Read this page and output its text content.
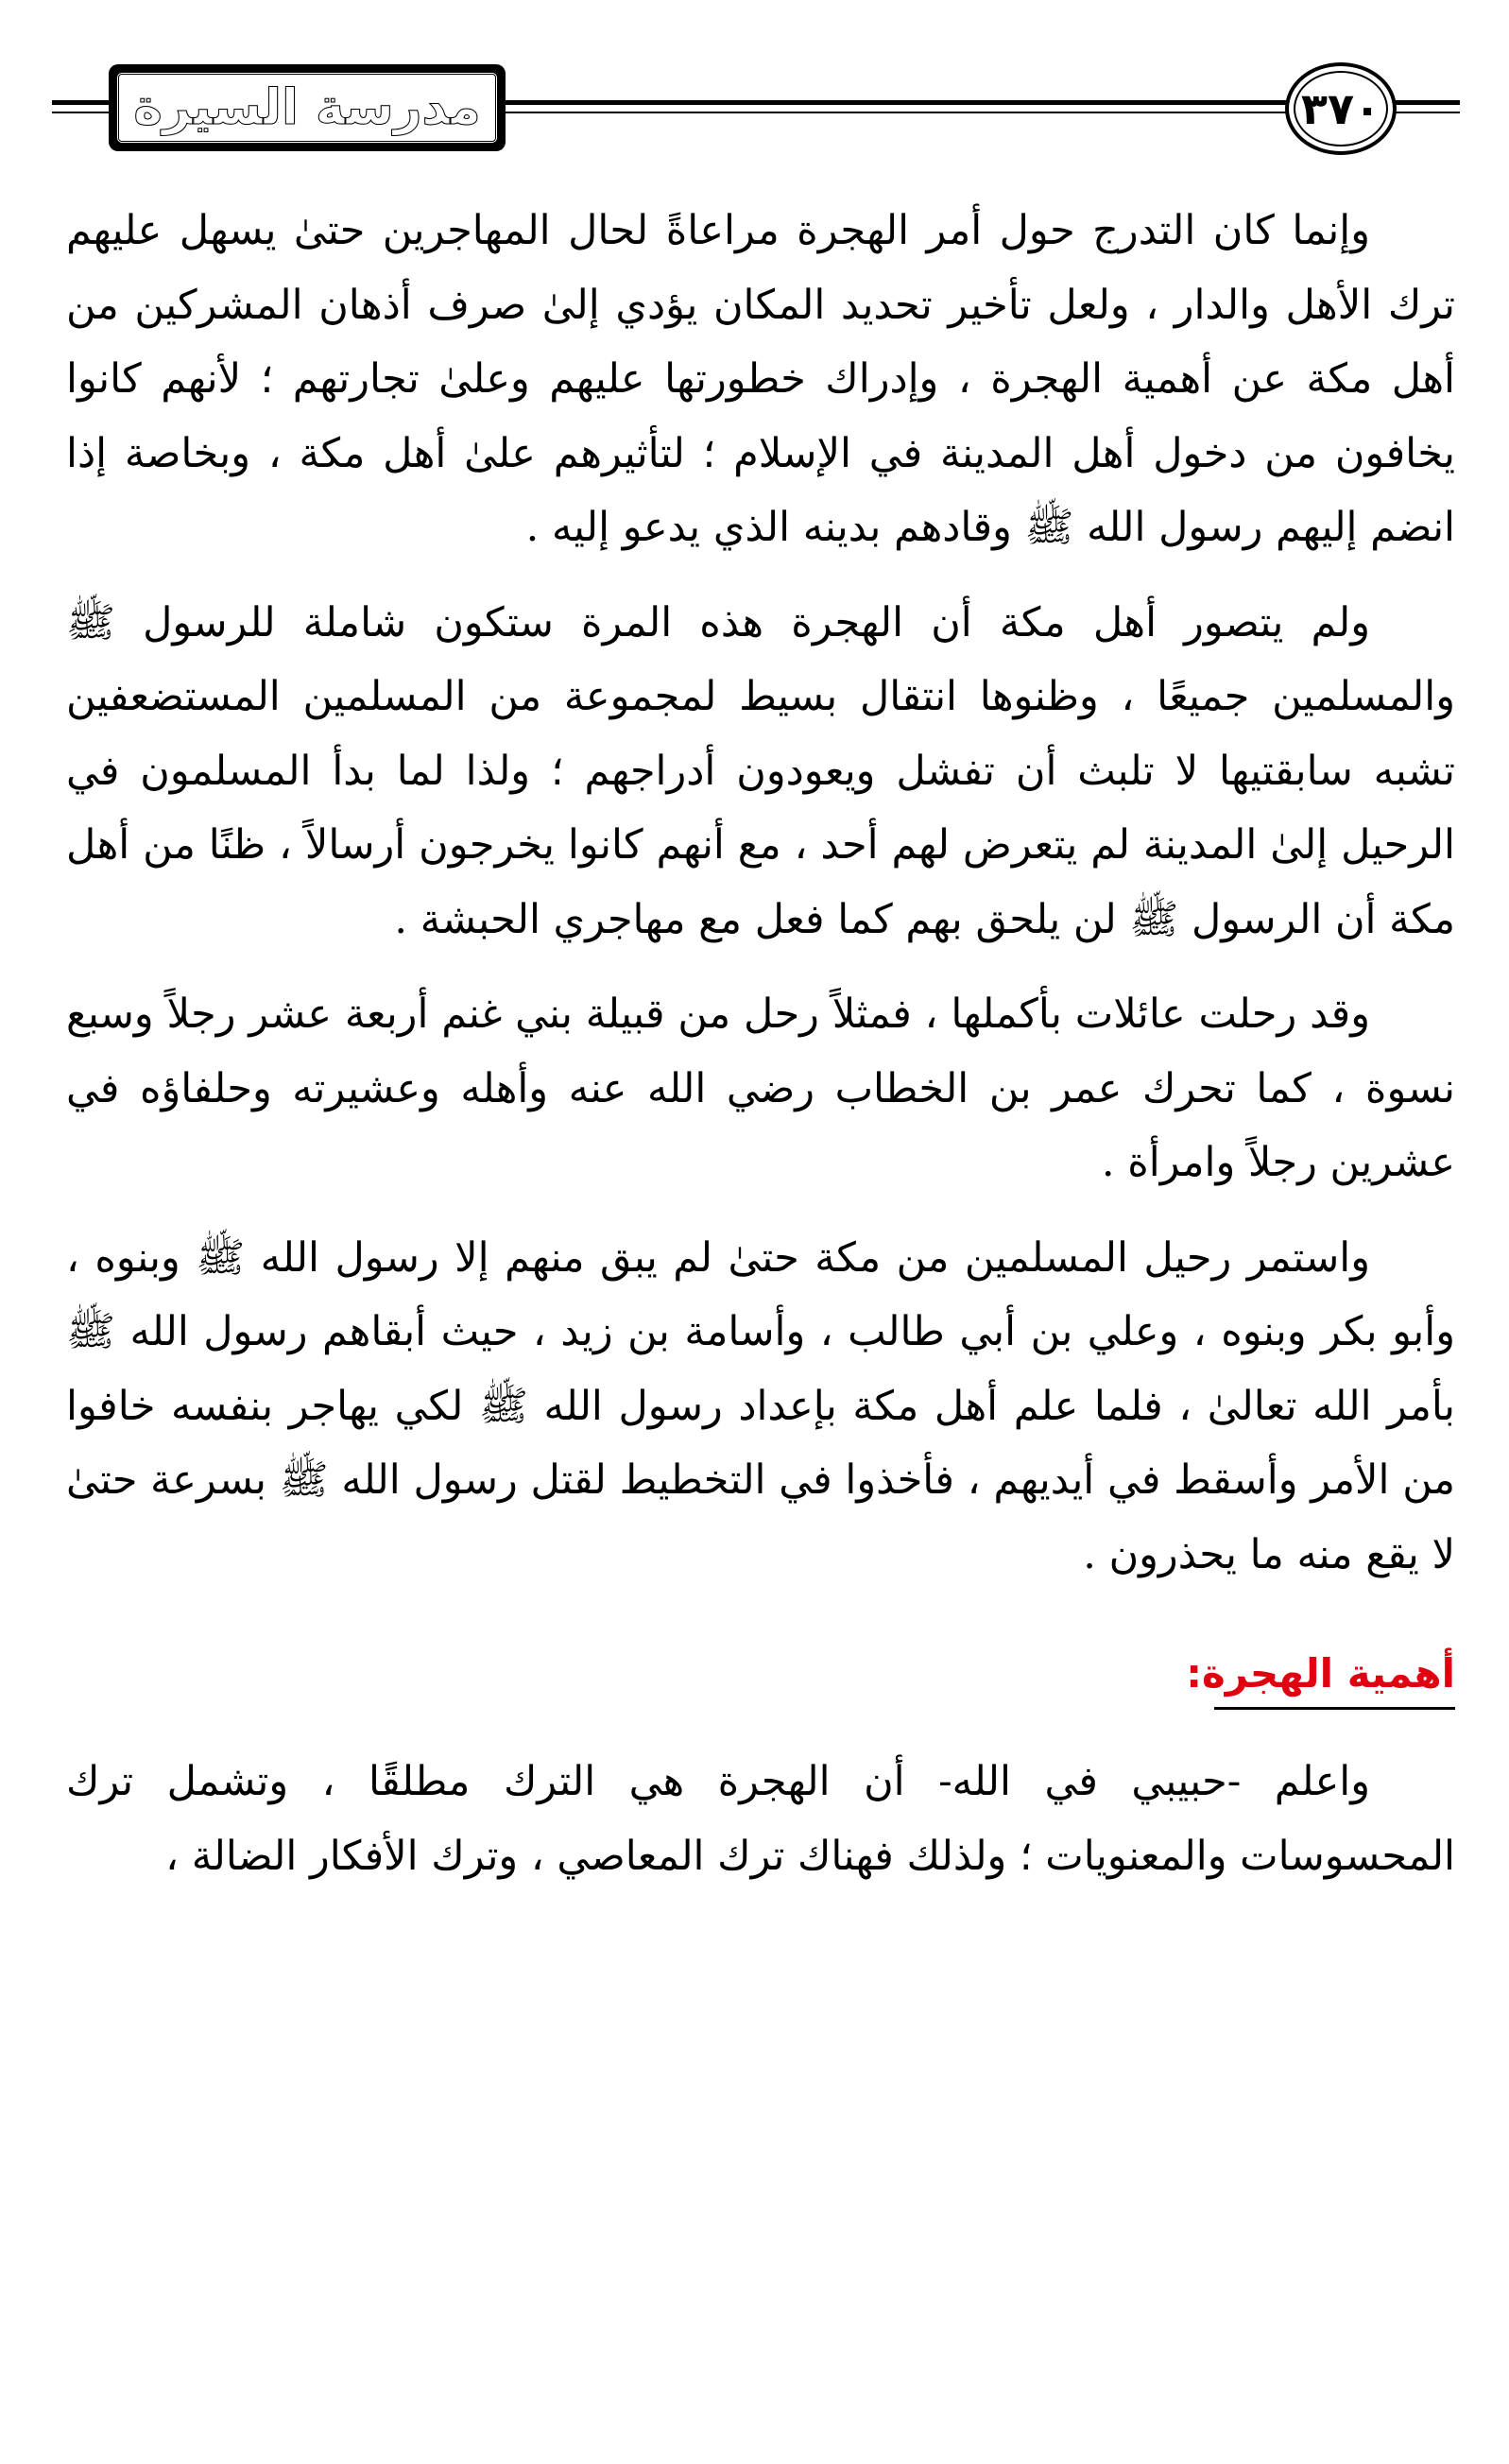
مدرسة السيرة	٣٧٠

وإنما كان التدرج حول أمر الهجرة مراعاةً لحال المهاجرين حتىٰ يسهل عليهم ترك الأهل والدار ، ولعل تأخير تحديد المكان يؤدي إلىٰ صرف أذهان المشركين من أهل مكة عن أهمية الهجرة ، وإدراك خطورتها عليهم وعلىٰ تجارتهم ؛ لأنهم كانوا يخافون من دخول أهل المدينة في الإسلام ؛ لتأثيرهم علىٰ أهل مكة ، وبخاصة إذا انضم إليهم رسول الله ﷺ وقادهم بدينه الذي يدعو إليه .

ولم يتصور أهل مكة أن الهجرة هذه المرة ستكون شاملة للرسول ﷺ والمسلمين جميعًا ، وظنوها انتقال بسيط لمجموعة من المسلمين المستضعفين تشبه سابقتيها لا تلبث أن تفشل ويعودون أدراجهم ؛ ولذا لما بدأ المسلمون في الرحيل إلىٰ المدينة لم يتعرض لهم أحد ، مع أنهم كانوا يخرجون أرسالاً ، ظنًا من أهل مكة أن الرسول ﷺ لن يلحق بهم كما فعل مع مهاجري الحبشة .

وقد رحلت عائلات بأكملها ، فمثلاً رحل من قبيلة بني غنم أربعة عشر رجلاً وسبع نسوة ، كما تحرك عمر بن الخطاب رضي الله عنه وأهله وعشيرته وحلفاؤه في عشرين رجلاً وامرأة .

واستمر رحيل المسلمين من مكة حتىٰ لم يبق منهم إلا رسول الله ﷺ وبنوه ، وأبو بكر وبنوه ، وعلي بن أبي طالب ، وأسامة بن زيد ، حيث أبقاهم رسول الله ﷺ بأمر الله تعالىٰ ، فلما علم أهل مكة بإعداد رسول الله ﷺ لكي يهاجر بنفسه خافوا من الأمر وأسقط في أيديهم ، فأخذوا في التخطيط لقتل رسول الله ﷺ بسرعة حتىٰ لا يقع منه ما يحذرون .

أهمية الهجرة:

واعلم -حبيبي في الله- أن الهجرة هي الترك مطلقًا ، وتشمل ترك المحسوسات والمعنويات ؛ ولذلك فهناك ترك المعاصي ، وترك الأفكار الضالة ،
